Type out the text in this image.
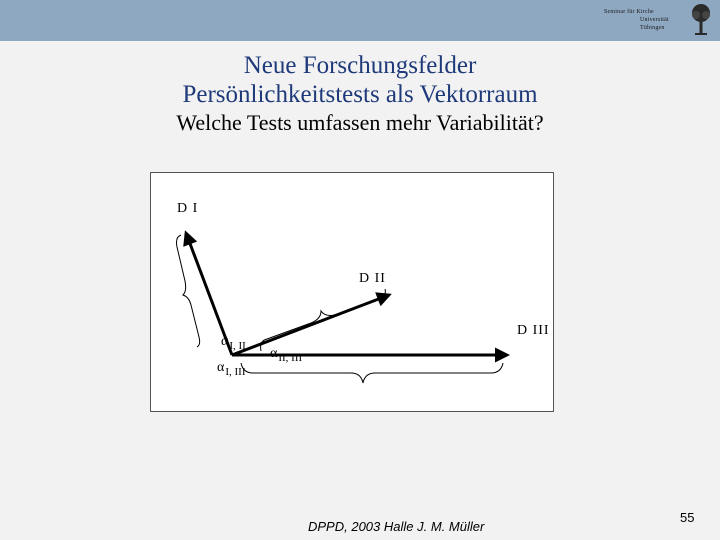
Seminar für Kirche
Universität
Tübingen
Neue Forschungsfelder
Persönlichkeitstests als Vektorraum
Welche Tests umfassen mehr Variabilität?
D I
D II
D III
$\alpha_{I, II}$ $\alpha_{II, III}$
$\alpha_{I, III}$
DPPD, 2003 Halle J. M. Müller
55
